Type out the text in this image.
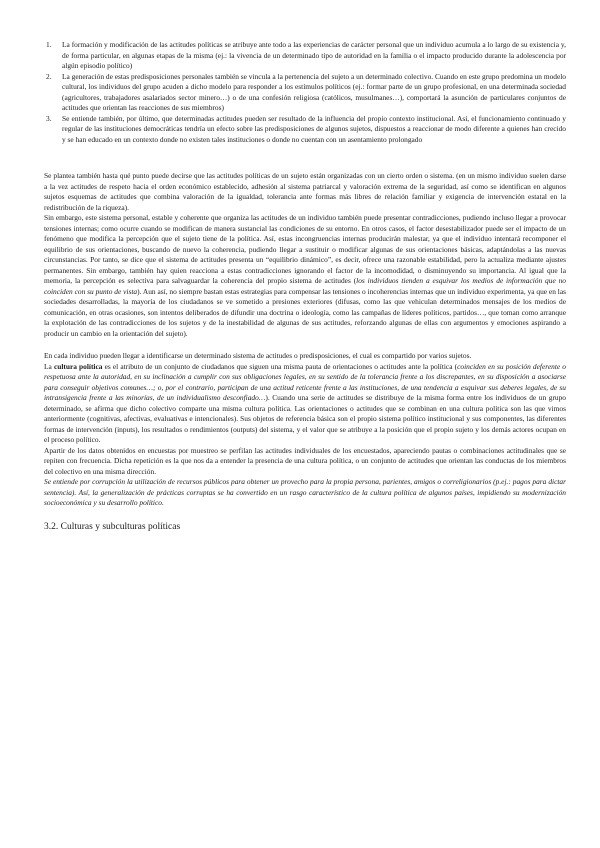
1. La formación y modificación de las actitudes políticas se atribuye ante todo a las experiencias de carácter personal que un individuo acumula a lo largo de su existencia y, de forma particular, en algunas etapas de la misma (ej.: la vivencia de un determinado tipo de autoridad en la familia o el impacto producido durante la adolescencia por algún episodio político)
2. La generación de estas predisposiciones personales también se vincula a la pertenencia del sujeto a un determinado colectivo. Cuando en este grupo predomina un modelo cultural, los individuos del grupo acuden a dicho modelo para responder a los estímulos políticos (ej.: formar parte de un grupo profesional, en una determinada sociedad (agricultores, trabajadores asalariados sector minero…) o de una confesión religiosa (católicos, musulmanes…), comportará la asunción de particulares conjuntos de actitudes que orientan las reacciones de sus miembros)
3. Se entiende también, por último, que determinadas actitudes pueden ser resultado de la influencia del propio contexto institucional. Así, el funcionamiento continuado y regular de las instituciones democráticas tendría un efecto sobre las predisposiciones de algunos sujetos, dispuestos a reaccionar de modo diferente a quienes han crecido y se han educado en un contexto donde no existen tales instituciones o donde no cuentan con un asentamiento prolongado

Se plantea también hasta qué punto puede decirse que las actitudes políticas de un sujeto están organizadas con un cierto orden o sistema. (en un mismo individuo suelen darse a la vez actitudes de respeto hacia el orden económico establecido, adhesión al sistema patriarcal y valoración extrema de la seguridad, así como se identifican en algunos sujetos esquemas de actitudes que combina valoración de la igualdad, tolerancia ante formas más libres de relación familiar y exigencia de intervención estatal en la redistribución de la riqueza).

Sin embargo, este sistema personal, estable y coherente que organiza las actitudes de un individuo también puede presentar contradicciones, pudiendo incluso llegar a provocar tensiones internas; como ocurre cuando se modifican de manera sustancial las condiciones de su entorno. En otros casos, el factor desestabilizador puede ser el impacto de un fenómeno que modifica la percepción que el sujeto tiene de la política. Así, estas incongruencias internas producirán malestar, ya que el individuo intentará recomponer el equilibrio de sus orientaciones, buscando de nuevo la coherencia, pudiendo llegar a sustituir o modificar algunas de sus orientaciones básicas, adaptándolas a las nuevas circunstancias. Por tanto, se dice que el sistema de actitudes presenta un “equilibrio dinámico”, es decir, ofrece una razonable estabilidad, pero la actualiza mediante ajustes permanentes. Sin embargo, también hay quien reacciona a estas contradicciones ignorando el factor de la incomodidad, o disminuyendo su importancia. Al igual que la memoria, la percepción es selectiva para salvaguardar la coherencia del propio sistema de actitudes (los individuos tienden a esquivar los medios de información que no coinciden con su punto de vista). Aun así, no siempre bastan estas estrategias para compensar las tensiones o incoherencias internas que un individuo experimenta, ya que en las sociedades desarrolladas, la mayoría de los ciudadanos se ve sometido a presiones exteriores (difusas, como las que vehiculan determinados mensajes de los medios de comunicación, en otras ocasiones, son intentos deliberados de difundir una doctrina o ideología, como las campañas de líderes políticos, partidos…, que toman como arranque la explotación de las contradicciones de los sujetos y de la inestabilidad de algunas de sus actitudes, reforzando algunas de ellas con argumentos y emociones aspirando a producir un cambio en la orientación del sujeto).

En cada individuo pueden llegar a identificarse un determinado sistema de actitudes o predisposiciones, el cual es compartido por varios sujetos.

La cultura política es el atributo de un conjunto de ciudadanos que siguen una misma pauta de orientaciones o actitudes ante la política (coinciden en su posición deferente o respetuosa ante la autoridad, en su inclinación a cumplir con sus obligaciones legales, en su sentido de la tolerancia frente a los discrepantes, en su disposición a asociarse para conseguir objetivos comunes…; o, por el contrario, participan de una actitud reticente frente a las instituciones, de una tendencia a esquivar sus deberes legales, de su intransigencia frente a las minorías, de un individualismo desconfiado…). Cuando una serie de actitudes se distribuye de la misma forma entre los individuos de un grupo determinado, se afirma que dicho colectivo comparte una misma cultura política. Las orientaciones o actitudes que se combinan en una cultura política son las que vimos anteriormente (cognitivas, afectivas, evaluativas e intencionales). Sus objetos de referencia básica son el propio sistema político institucional y sus componentes, las diferentes formas de intervención (inputs), los resultados o rendimientos (outputs) del sistema, y el valor que se atribuye a la posición que el propio sujeto y los demás actores ocupan en el proceso político.

Apartir de los datos obtenidos en encuestas por muestreo se perfilan las actitudes individuales de los encuestados, apareciendo pautas o combinaciones actitudinales que se repiten con frecuencia. Dicha repetición es la que nos da a entender la presencia de una cultura política, o un conjunto de actitudes que orientan las conductas de los miembros del colectivo en una misma dirección.

Se entiende por corrupción la utilización de recursos públicos para obtener un provecho para la propia persona, parientes, amigos o correligionarios (p.ej.: pagos para dictar sentencia). Así, la generalización de prácticas corruptas se ha convertido en un rasgo característico de la cultura política de algunos países, impidiendo su modernización socioeconómica y su desarrollo político.

3.2. Culturas y subculturas políticas
